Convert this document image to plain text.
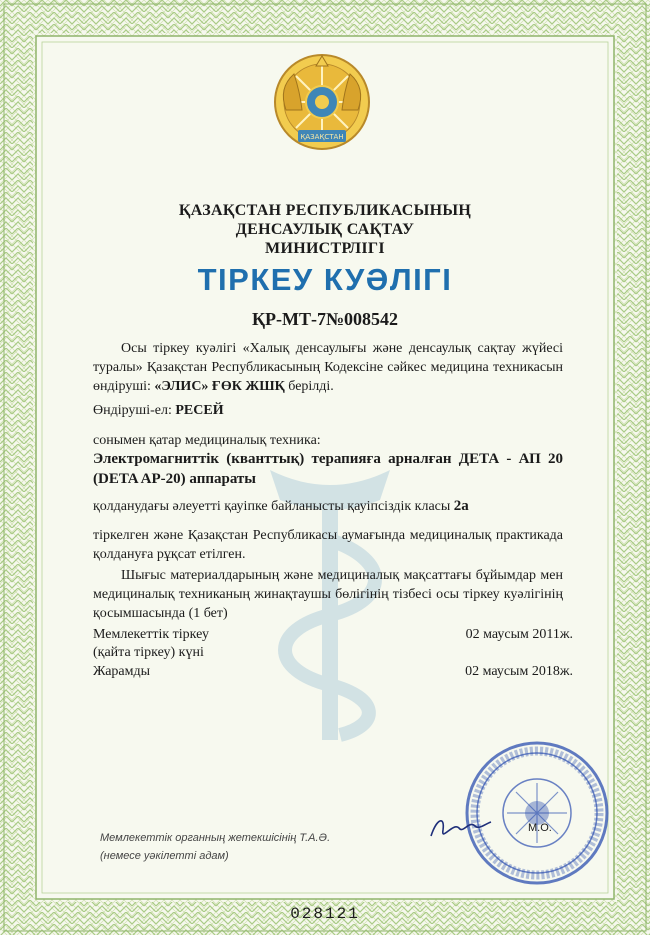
ҚАЗАҚСТАН
ҚАЗАҚСТАН РЕСПУБЛИКАСЫНЫҢ
ДЕНСАУЛЫҚ САҚТАУ
МИНИСТРЛІГІ
ТІРКЕУ КУӘЛІГІ
ҚР-МТ-7№008542
Осы тіркеу куәлігі «Халық денсаулығы және денсаулық сақтау жүйесі туралы» Қазақстан Республикасының Кодексіне сәйкес медицина техникасын өндіруші: «ЭЛИС» ҒӨК ЖШҚ берілді.
Өндіруші-ел: РЕСЕЙ
сонымен қатар медициналық техника:
Электромагниттік (кванттық) терапияға арналған ДЕТА - АП 20 (DETA AP-20) аппараты
қолданудағы әлеуетті қауіпке байланысты қауіпсіздік класы 2а
тіркелген және Қазақстан Республикасы аумағында медициналық практикада қолдануға рұқсат етілген.
Шығыс материалдарының және медициналық мақсаттағы бұйымдар мен медициналық техниканың жинақтаушы бөлігінің тізбесі осы тіркеу куәлігінің қосымшасында (1 бет)
Мемлекеттік тіркеу	02 маусым 2011ж.
(қайта тіркеу) күні
Жарамды	02 маусым 2018ж.
Мемлекеттік органның жетекшісінің Т.А.Ә.
(немесе уәкілетті адам)
М.О.
028121
